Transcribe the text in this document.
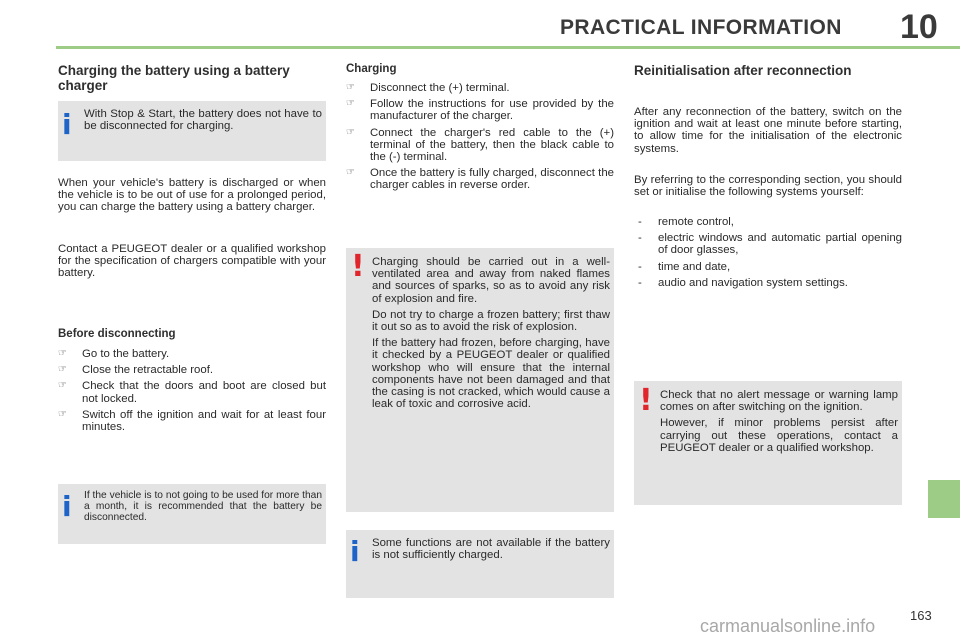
PRACTICAL INFORMATION 10
Charging the battery using a battery charger
i With Stop & Start, the battery does not have to be disconnected for charging.

When your vehicle's battery is discharged or when the vehicle is to be out of use for a prolonged period, you can charge the battery using a battery charger.

Contact a PEUGEOT dealer or a qualified workshop for the specification of chargers compatible with your battery.

Before disconnecting
☞ Go to the battery.
☞ Close the retractable roof.
☞ Check that the doors and boot are closed but not locked.
☞ Switch off the ignition and wait for at least four minutes.
i If the vehicle is to not going to be used for more than a month, it is recommended that the battery be disconnected.
Charging
☞ Disconnect the (+) terminal.
☞ Follow the instructions for use provided by the manufacturer of the charger.
☞ Connect the charger's red cable to the (+) terminal of the battery, then the black cable to the (-) terminal.
☞ Once the battery is fully charged, disconnect the charger cables in reverse order.
! Charging should be carried out in a well-ventilated area and away from naked flames and sources of sparks, so as to avoid any risk of explosion and fire.

Do not try to charge a frozen battery; first thaw it out so as to avoid the risk of explosion.

If the battery had frozen, before charging, have it checked by a PEUGEOT dealer or qualified workshop who will ensure that the internal components have not been damaged and that the casing is not cracked, which would cause a leak of toxic and corrosive acid.

i Some functions are not available if the battery is not sufficiently charged.
Reinitialisation after reconnection

After any reconnection of the battery, switch on the ignition and wait at least one minute before starting, to allow time for the initialisation of the electronic systems.

By referring to the corresponding section, you should set or initialise the following systems yourself:

- remote control,
- electric windows and automatic partial opening of door glasses,
- time and date,
- audio and navigation system settings.
! Check that no alert message or warning lamp comes on after switching on the ignition.

However, if minor problems persist after carrying out these operations, contact a PEUGEOT dealer or a qualified workshop.

163
carmanualsonline.info
